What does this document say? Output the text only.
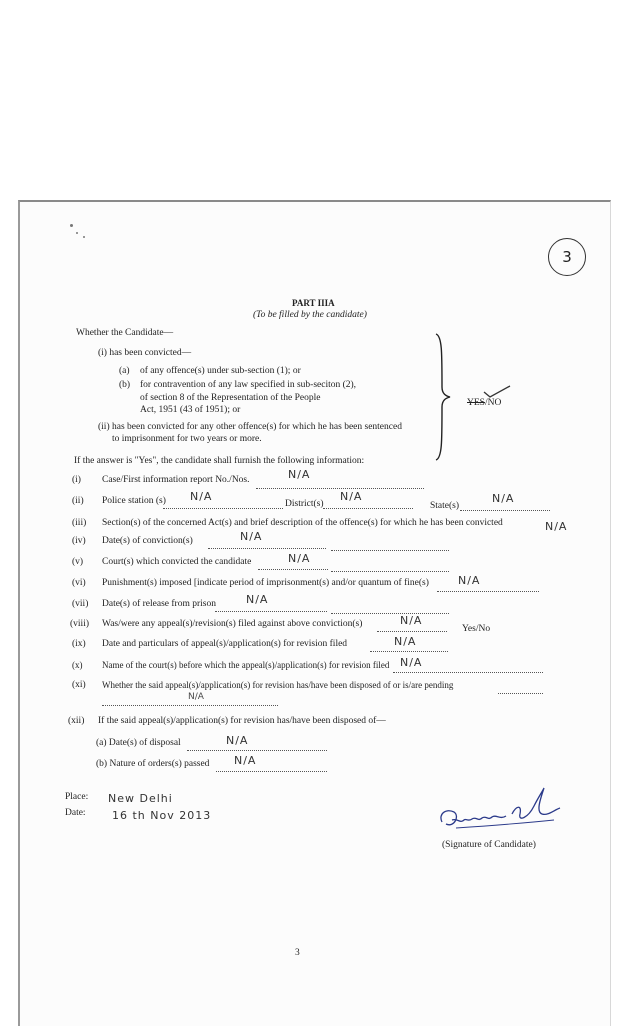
3
PART IIIA
(To be filled by the candidate)
Whether the Candidate—
(i) has been convicted—
(a) of any offence(s) under sub-section (1); or
(b) for contravention of any law specified in sub-seciton (2),
of section 8 of the Representation of the People
Act, 1951 (43 of 1951); or
(ii) has been convicted for any other offence(s) for which he has been sentenced
to imprisonment for two years or more.
YES/NO
If the answer is "Yes", the candidate shall furnish the following information:
(i) Case/First information report No./Nos.	N/A
(ii) Police station (s) N/A
District(s)
N/A
State(s)
N/A
(iii) Section(s) of the concerned Act(s) and brief description of the offence(s) for which he has been convicted	N/A
(iv) Date(s) of conviction(s)	N/A
(v) Court(s) which convicted the candidate	N/A
(vi) Punishment(s) imposed [indicate period of imprisonment(s) and/or quantum of fine(s)	N/A
(vii) Date(s) of release from prison	N/A
(viii) Was/were any appeal(s)/revision(s) filed against above conviction(s)	N/A
Yes/No
(ix) Date and particulars of appeal(s)/application(s) for revision filed	N/A
(x) Name of the court(s) before which the appeal(s)/application(s) for revision filed N/A
(xi) Whether the said appeal(s)/application(s) for revision has/have been disposed of or is/are pending
N/A
(xii) If the said appeal(s)/application(s) for revision has/have been disposed of—
(a) Date(s) of disposal	N/A
(b) Nature of orders(s) passed N/A
Place: New Delhi
Date: 16 th Nov 2013
(Signature of Candidate)
3
